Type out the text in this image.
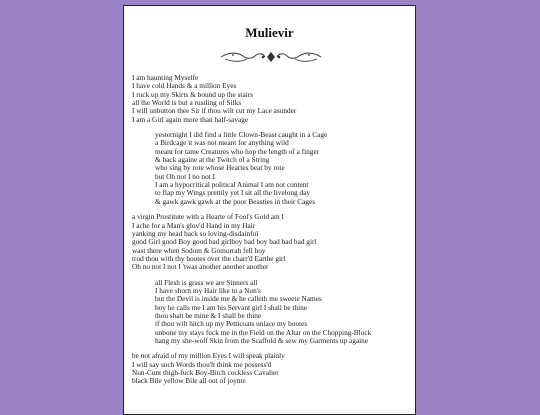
Mulievir
I am haunting Myselfe
I have cold Hands & a million Eyes
I ruck up my Skirts & bound up the stairs
all the World is but a rustling of Silks
I will unbutton thee Sir if thou wilt cut my Lace asunder
I am a Girl again more than half-savage
yesternight I did find a little Clown-Beast caught in a Cage
a Birdcage it was not meant for anything wild
meant for tame Creatures who hop the length of a finger
& back againe at the Twitch of a String
who sing by rote whose Heartes beat by rote
but Oh not I no not I
I am a hypocritical political Animal I am not content
to flap my Wings prettily yet I sit all the livelong day
& gawk gawk gawk at the poor Beasties in their Cages
a virgin Prostitute with a Hearte of Fool's Gold am I
I ache for a Man's glov'd Hand in my Hair
yanking my head back so loving-disdainful
good Girl good Boy good bad girlboy bad boy bad bad bad girl
wast there when Sodom & Gomorrah fell boy
trod thou with thy bootes over the charr'd Earthe girl
Oh no not I not I 'twas another another another
all Flesh is grass we are Sinners all
I have shorn my Hair like to a Nun's
but the Devil is inside me & he calleth me sweete Names
boy he calls me I am his Servant girl I shall be thine
thou shalt be mine & I shall be thine
if thou wilt hitch up my Petticoats unlace my bootes
unbone my stays fuck me in the Field on the Altar on the Chopping-Block
hang my she-wolf Skin from the Scaffold & sew my Garments up againe
be not afraid of my million Eyes I will speak plainly
I will say such Words thou'lt think me possess'd
Nun-Cunt thigh-fuck Boy-Bitch cockless Cavalier
black Bile yellow Bile all out of joynte
